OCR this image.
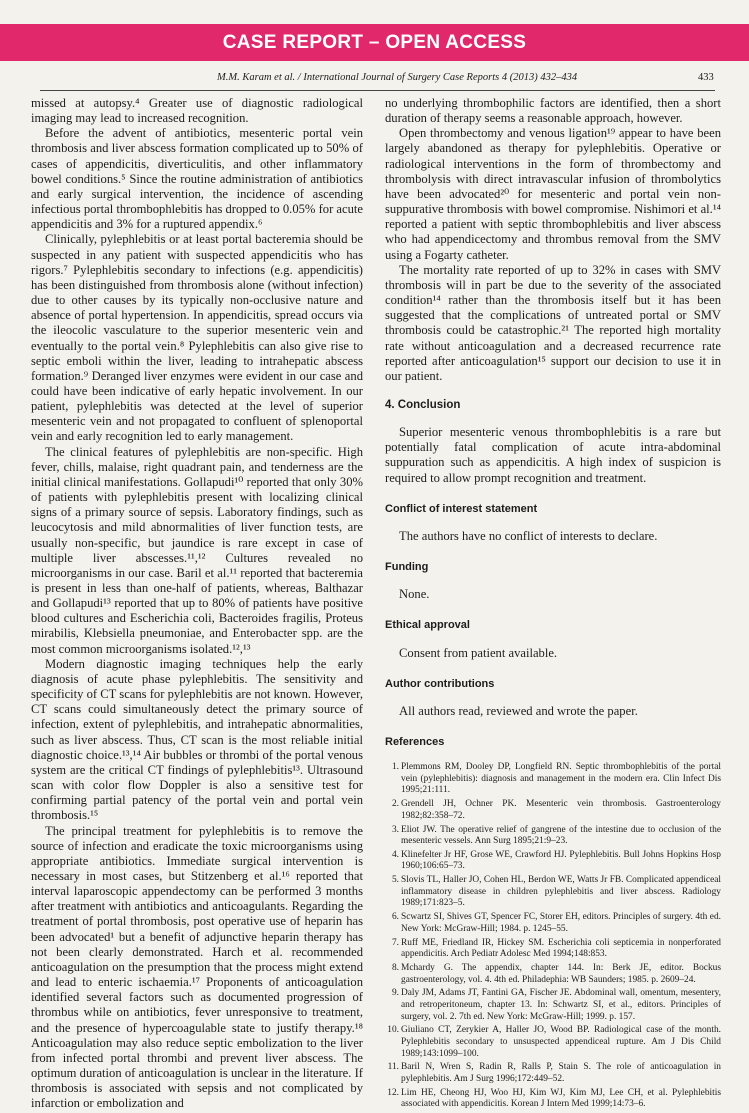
CASE REPORT – OPEN ACCESS
M.M. Karam et al. / International Journal of Surgery Case Reports 4 (2013) 432–434	433

missed at autopsy.⁴ Greater use of diagnostic radiological imaging may lead to increased recognition.

Before the advent of antibiotics, mesenteric portal vein thrombosis and liver abscess formation complicated up to 50% of cases of appendicitis, diverticulitis, and other inflammatory bowel conditions.⁵ Since the routine administration of antibiotics and early surgical intervention, the incidence of ascending infectious portal thrombophlebitis has dropped to 0.05% for acute appendicitis and 3% for a ruptured appendix.⁶

Clinically, pylephlebitis or at least portal bacteremia should be suspected in any patient with suspected appendicitis who has rigors.⁷ Pylephlebitis secondary to infections (e.g. appendicitis) has been distinguished from thrombosis alone (without infection) due to other causes by its typically non-occlusive nature and absence of portal hypertension. In appendicitis, spread occurs via the ileocolic vasculature to the superior mesenteric vein and eventually to the portal vein.⁸ Pylephlebitis can also give rise to septic emboli within the liver, leading to intrahepatic abscess formation.⁹ Deranged liver enzymes were evident in our case and could have been indicative of early hepatic involvement. In our patient, pylephlebitis was detected at the level of superior mesenteric vein and not propagated to confluent of splenoportal vein and early recognition led to early management.

The clinical features of pylephlebitis are non-specific. High fever, chills, malaise, right quadrant pain, and tenderness are the initial clinical manifestations. Gollapudi¹⁰ reported that only 30% of patients with pylephlebitis present with localizing clinical signs of a primary source of sepsis. Laboratory findings, such as leucocytosis and mild abnormalities of liver function tests, are usually non-specific, but jaundice is rare except in case of multiple liver abscesses.¹¹,¹² Cultures revealed no microorganisms in our case. Baril et al.¹¹ reported that bacteremia is present in less than one-half of patients, whereas, Balthazar and Gollapudi¹³ reported that up to 80% of patients have positive blood cultures and Escherichia coli, Bacteroides fragilis, Proteus mirabilis, Klebsiella pneumoniae, and Enterobacter spp. are the most common microorganisms isolated.¹²,¹³

Modern diagnostic imaging techniques help the early diagnosis of acute phase pylephlebitis. The sensitivity and specificity of CT scans for pylephlebitis are not known. However, CT scans could simultaneously detect the primary source of infection, extent of pylephlebitis, and intrahepatic abnormalities, such as liver abscess. Thus, CT scan is the most reliable initial diagnostic choice.¹³,¹⁴ Air bubbles or thrombi of the portal venous system are the critical CT findings of pylephlebitis¹³. Ultrasound scan with color flow Doppler is also a sensitive test for confirming partial patency of the portal vein and portal vein thrombosis.¹⁵

The principal treatment for pylephlebitis is to remove the source of infection and eradicate the toxic microorganisms using appropriate antibiotics. Immediate surgical intervention is necessary in most cases, but Stitzenberg et al.¹⁶ reported that interval laparoscopic appendectomy can be performed 3 months after treatment with antibiotics and anticoagulants. Regarding the treatment of portal thrombosis, post operative use of heparin has been advocated¹ but a benefit of adjunctive heparin therapy has not been clearly demonstrated. Harch et al. recommended anticoagulation on the presumption that the process might extend and lead to enteric ischaemia.¹⁷ Proponents of anticoagulation identified several factors such as documented progression of thrombus while on antibiotics, fever unresponsive to treatment, and the presence of hypercoagulable state to justify therapy.¹⁸ Anticoagulation may also reduce septic embolization to the liver from infected portal thrombi and prevent liver abscess. The optimum duration of anticoagulation is unclear in the literature. If thrombosis is associated with sepsis and not complicated by infarction or embolization and

no underlying thrombophilic factors are identified, then a short duration of therapy seems a reasonable approach, however.

Open thrombectomy and venous ligation¹⁹ appear to have been largely abandoned as therapy for pylephlebitis. Operative or radiological interventions in the form of thrombectomy and thrombolysis with direct intravascular infusion of thrombolytics have been advocated²⁰ for mesenteric and portal vein non-suppurative thrombosis with bowel compromise. Nishimori et al.¹⁴ reported a patient with septic thrombophlebitis and liver abscess who had appendicectomy and thrombus removal from the SMV using a Fogarty catheter.

The mortality rate reported of up to 32% in cases with SMV thrombosis will in part be due to the severity of the associated condition¹⁴ rather than the thrombosis itself but it has been suggested that the complications of untreated portal or SMV thrombosis could be catastrophic.²¹ The reported high mortality rate without anticoagulation and a decreased recurrence rate reported after anticoagulation¹⁵ support our decision to use it in our patient.

4. Conclusion

Superior mesenteric venous thrombophlebitis is a rare but potentially fatal complication of acute intra-abdominal suppuration such as appendicitis. A high index of suspicion is required to allow prompt recognition and treatment.

Conflict of interest statement

The authors have no conflict of interests to declare.

Funding

None.

Ethical approval

Consent from patient available.

Author contributions

All authors read, reviewed and wrote the paper.

References
1. Plemmons RM, Dooley DP, Longfield RN. Septic thrombophlebitis of the portal vein (pylephlebitis): diagnosis and management in the modern era. Clin Infect Dis 1995;21:111.
2. Grendell JH, Ochner PK. Mesenteric vein thrombosis. Gastroenterology 1982;82:358–72.
3. Eliot JW. The operative relief of gangrene of the intestine due to occlusion of the mesenteric vessels. Ann Surg 1895;21:9–23.
4. Klinefelter Jr HF, Grose WE, Crawford HJ. Pylephlebitis. Bull Johns Hopkins Hosp 1960;106:65–73.
5. Slovis TL, Haller JO, Cohen HL, Berdon WE, Watts Jr FB. Complicated appendiceal inflammatory disease in children pylephlebitis and liver abscess. Radiology 1989;171:823–5.
6. Scwartz SI, Shives GT, Spencer FC, Storer EH, editors. Principles of surgery. 4th ed. New York: McGraw-Hill; 1984. p. 1245–55.
7. Ruff ME, Friedland IR, Hickey SM. Escherichia coli septicemia in nonperforated appendicitis. Arch Pediatr Adolesc Med 1994;148:853.
8. Mchardy G. The appendix, chapter 144. In: Berk JE, editor. Bockus gastroenterology, vol. 4. 4th ed. Philadephia: WB Saunders; 1985. p. 2609–24.
9. Daly JM, Adams JT, Fantini GA, Fischer JE. Abdominal wall, omentum, mesentery, and retroperitoneum, chapter 13. In: Schwartz SI, et al., editors. Principles of surgery, vol. 2. 7th ed. New York: McGraw-Hill; 1999. p. 157.
10. Giuliano CT, Zerykier A, Haller JO, Wood BP. Radiological case of the month. Pylephlebitis secondary to unsuspected appendiceal rupture. Am J Dis Child 1989;143:1099–100.
11. Baril N, Wren S, Radin R, Ralls P, Stain S. The role of anticoagulation in pylephlebitis. Am J Surg 1996;172:449–52.
12. Lim HE, Cheong HJ, Woo HJ, Kim WJ, Kim MJ, Lee CH, et al. Pylephlebitis associated with appendicitis. Korean J Intern Med 1999;14:73–6.
